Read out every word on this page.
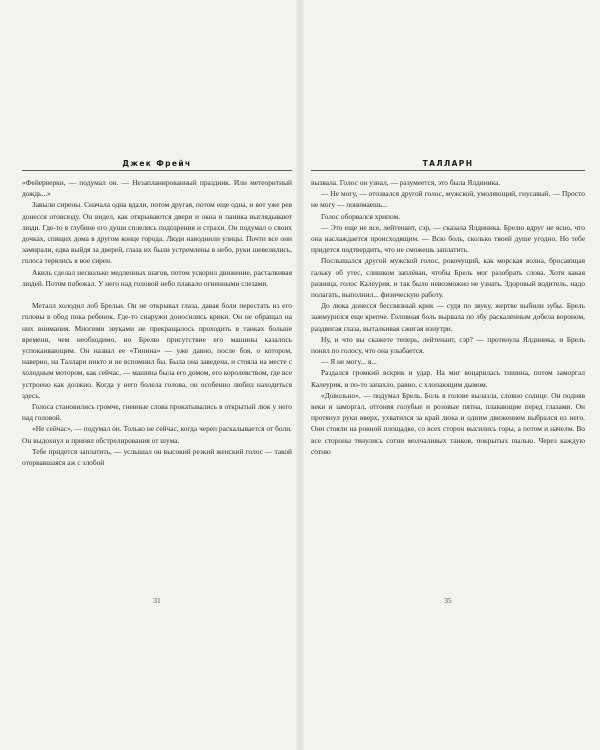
Джек Фрейч

«Фейерверки, — подумал он. — Незапланированный праздник. Или метеоритный дождь...»

Завыли сирены. Сначала одна вдали, потом другая, потом еще одна, и вот уже рев донесся отовсюду. Он видел, как открываются двери и окна и паника выглядывают люди. Где-то в глубине его души сплелись подозрения и страхи. Он подумал о своих дочках, спящих дома в другом конце города. Люди наводнили улицы. Почти все они замирали, едва выйдя за дверей, глаза их были устремлены в небо, руки шевелились, голоса терялись в вое сирен.

Акиль сделал несколько медленных шагов, потом ускорил движение, расталкивая людей. Потом побежал. У него над головой небо плакало огненными слезами.

Металл холодил лоб Брельи. Он не открывал глаза, давая боли перестать из его головы в обод пока ребенок. Где-то снаружи доносились крики. Он не обращал на них внимания. Многими звуками не прекращалось проходить в танках больше времени, чем необходимо, но Брелю присутствие его машины казалось успокаивающим. Он назвал ее «Тинина» — уже давно, после боя, о котором, наверно, на Таллари никто и не вспомнил бы. Была она заведена, и стояла на месте с холодным мотором, как сейчас, — машина была его домом, его королевством, где все устроено как должно. Когда у него болела голова, он особенно любил находиться здесь.

Голоса становились громче, гневные слова прокатывались в открытый люк у него над головой.

«Не сейчас», — подумал он. Только не сейчас, когда череп раскалывается от боли. Он выдохнул и принял обстрелирования от шума.

Тебе придется заплатить, — услышал он высокий резкий женский голос — такой оторвавшаяся аж с злобой

31
ТАЛЛАРН

вызвала. Голос он узнал, — разумеется, это была Ялдиника.

— Не могу, — отозвался другой голос, мужской, умоляющий, гнусавый. — Просто не могу — понимаешь...

Голос оборвался хрипом.

— Это еще не все, лейтенант, сэр, — сказала Ялдиника. Брелю вдруг не ясно, что она наслаждается происходящим. — Всю боль, сколько твоей душе угодно. Но тебе придется подтвердить, что не сможешь заплатить.

Послышался другой мужской голос, рокочущий, как морская волна, бросающая гальку об утес, слишком заплёван, чтобы Брель мог разобрать слова. Хотя какая разница, голос Калеурия, и так было невозможно не узнать. Здоровый водитель, надо полагать, выполнил... физическую работу.

До люка донесся бессвязный крик — судя по звуку, жертве выбили зубы. Брель зажмурился еще крепче. Головная боль вырвала по лбу раскаленным добела вороном, раздвигая глаза, выталкивая сжигая изнутри.

Ну, и что вы скажете теперь, лейтенант, сэр? — протянула Ялдиника, и Брель понял по голосу, что она улыбается.

— Я не могу... я...

Раздался громкий вскрик и удар. На миг воцарилась тишина, потом заморгал Калеурия, и по-то запахло, равно, с хлопающим дымом.

«Довольно», — подумал Брель. Боль в голове вылазла, словно солнце. Он подняв веки и заморгал, отгоняя голубые и розовые пятна, плавающие перед глазами. Он протянул руки вверх, ухватился за край люка и одним движением выбрался из него. Они стояли на ровной площадке, со всех сторон высились горы, а потом и начелм. Во все стороны тянулись сотни молчаливых танков, покрытых пылью. Через каждую сотню

35
